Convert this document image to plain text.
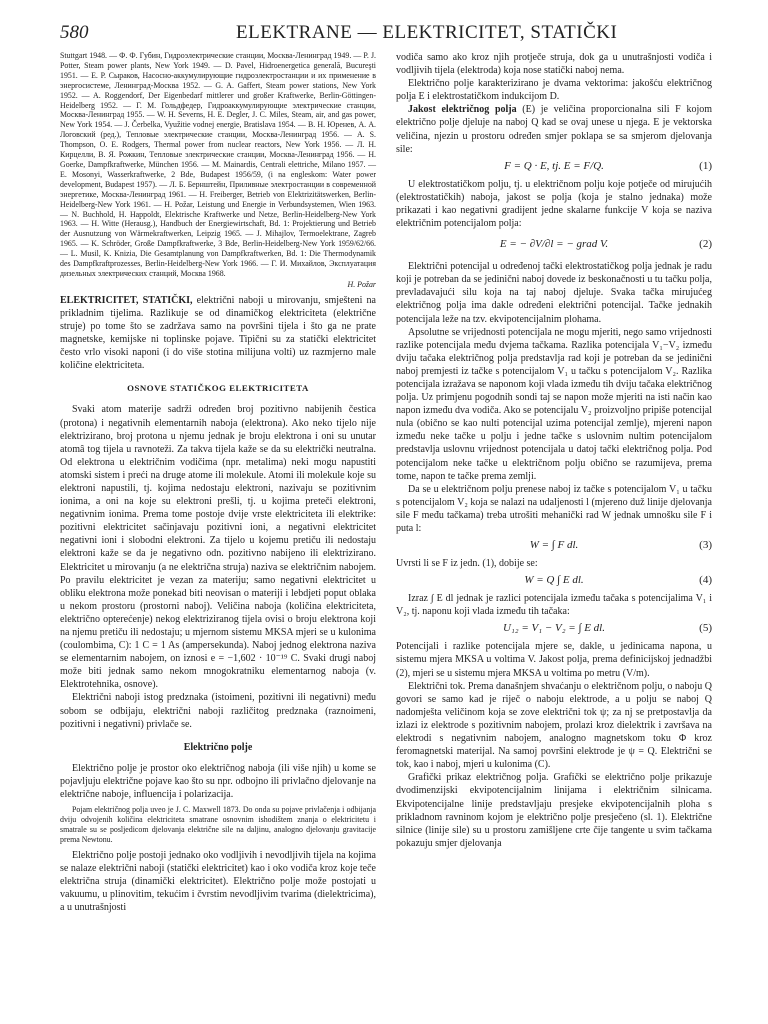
580	ELEKTRANE — ELEKTRICITET, STATIČKI

Stuttgart 1948. — Ф. Ф. Губин, Гидроэлектрические станции, Москва-Ленинград 1949. — P. J. Potter, Steam power plants, New York 1949. — D. Pavel, Hidroenergetica generală, Bucureşti 1951. — Е. Р. Сыраков, Насосно-аккумулирующие гидроэлектростанции и их применение в энергосистеме, Ленинград-Москва 1952. — G. A. Gaffert, Steam power stations, New York 1952. — A. Roggendorf, Der Eigenbedarf mittlerer und großer Kraftwerke, Berlin-Göttingen-Heidelberg 1952. — Г. М. Гольдфедер, Гидроаккумулирующие электрические станции, Москва-Ленинград 1955. — W. H. Severns, H. E. Degler, J. C. Miles, Steam, air, and gas power, New York 1954. — J. Čerbelka, Využitie vodnej energie, Bratislava 1954. — В. Н. Юренев, А. А. Логовский (ред.), Тепловые электрические станции, Москва-Ленинград 1956. — A. S. Thompson, O. E. Rodgers, Thermal power from nuclear reactors, New York 1956. — Л. Н. Кирцелли, В. Я. Рожкин, Тепловые электрические станции, Москва-Ленинград 1956. — H. Goerke, Dampfkraftwerke, München 1956. — M. Mainardis, Centrali elettriche, Milano 1957. — E. Mosonyi, Wasserkraftwerke, 2 Bde, Budapest 1956/59, (i na engleskom: Water power development, Budapest 1957). — Л. Б. Бернштейн, Приливные электростанции в современной энергетике, Москва-Ленинград 1961. — H. Freiberger, Betrieb von Elektrizitätswerken, Berlin-Heidelberg-New York 1961. — H. Požar, Leistung und Energie in Verbundsystemen, Wien 1963. — N. Buchhold, H. Happoldt, Elektrische Kraftwerke und Netze, Berlin-Heidelberg-New York 1963. — H. Witte (Herausg.), Handbuch der Energiewirtschaft, Bd. 1: Projektierung und Betrieb der Ausnutzung von Wärmekraftwerken, Leipzig 1965. — J. Mihajlov, Termoelektrane, Zagreb 1965. — K. Schröder, Große Dampfkraftwerke, 3 Bde, Berlin-Heidelberg-New York 1959/62/66. — L. Musil, K. Knizia, Die Gesamtplanung von Dampfkraftwerken, Bd. 1: Die Thermodynamik des Dampfkraftprozesses, Berlin-Heidelberg-New York 1966. — Г. И. Михайлов, Эксплуатация дизельных электрических станций, Москва 1968.

H. Požar

ELEKTRICITET, STATIČKI, električni naboji u mirovanju, smješteni na prikladnim tijelima. Razlikuje se od dinamičkog elektriciteta (električne struje) po tome što se zadržava samo na površini tijela i što ga ne prate magnetske, kemijske ni toplinske pojave. Tipični su za statički elektricitet često vrlo visoki naponi (i do više stotina milijuna volti) uz razmjerno male količine elektriciteta.

OSNOVE STATIČKOG ELEKTRICITETA

Svaki atom materije sadrži određen broj pozitivno nabijenih čestica (protona) i negativnih elementarnih naboja (elektrona). Ako neko tijelo nije elektrizirano, broj protona u njemu jednak je broju elektrona i oni su unutar atomâ tog tijela u ravnoteži. Za takva tijela kaže se da su električki neutralna. Od elektrona u električnim vodičima (npr. metalima) neki mogu napustiti atomski sistem i preći na druge atome ili molekule. Atomi ili molekule koje su elektroni napustili, tj. kojima nedostaju elektroni, nazivaju se pozitivnim ionima, a oni na koje su elektroni prešli, tj. u kojima preteči elektroni, negativnim ionima. Prema tome postoje dvije vrste elektriciteta ili elektrike: pozitivni elektricitet sačinjavaju pozitivni ioni, a negativni elektricitet negativni ioni i slobodni elektroni. Za tijelo u kojemu pretiču ili nedostaju elektroni kaže se da je negativno odn. pozitivno nabijeno ili elektrizirano. Elektricitet u mirovanju (a ne električna struja) naziva se električnim nabojem. Po pravilu elektricitet je vezan za materiju; samo negativni elektricitet u obliku elektrona može ponekad biti neovisan o materiji i lebdjeti poput oblaka u nekom prostoru (prostorni naboj). Veličina naboja (količina elektriciteta, električno opterećenje) nekog elektriziranog tijela ovisi o broju elektrona koji na njemu pretiču ili nedostaju; u mjernom sistemu MKSA mjeri se u kulonima (coulombima, C): 1 C = 1 As (ampersekunda). Naboj jednog elektrona naziva se elementarnim nabojem, on iznosi e = −1,602 · 10⁻¹⁹ C. Svaki drugi naboj može biti jednak samo nekom mnogokratniku elementarnog naboja (v. Elektrotehnika, osnove).

Električni naboji istog predznaka (istoimeni, pozitivni ili negativni) među sobom se odbijaju, električni naboji različitog predznaka (raznoimeni, pozitivni i negativni) privlače se.

Električno polje

Električno polje je prostor oko električnog naboja (ili više njih) u kome se pojavljuju električne pojave kao što su npr. odbojno ili privlačno djelovanje na električne naboje, influencija i polarizacija.

Pojam električnog polja uveo je J. C. Maxwell 1873. Do onda su pojave privlačenja i odbijanja dviju odvojenih količina elektriciteta smatrane osnovnim ishodištem znanja o elektricitetu i smatrale su se posljedicom djelovanja električne sile na daljinu, analogno djelovanju gravitacije prema Newtonu.

Električno polje postoji jednako oko vodljivih i nevodljivih tijela na kojima se nalaze električni naboji (statički elektricitet) kao i oko vodiča kroz koje teče električna struja (dinamički elektricitet). Električno polje može postojati u vakuumu, u plinovitim, tekućim i čvrstim nevodljivim tvarima (dielektricima), a u unutrašnjosti

vodiča samo ako kroz njih protječe struja, dok ga u unutrašnjosti vodiča i vodljivih tijela (elektroda) koja nose statički naboj nema.

Električno polje karakterizirano je dvama vektorima: jakošću električnog polja E i elektrostatičkom indukcijom D.

Jakost električnog polja (E) je veličina proporcionalna sili F kojom električno polje djeluje na naboj Q kad se ovaj unese u njega. E je vektorska veličina, njezin u prostoru određen smjer poklapa se sa smjerom djelovanja sile:

F = Q · E, tj. E = F/Q.	(1)

U elektrostatičkom polju, tj. u električnom polju koje potječe od mirujućih (elektrostatičkih) naboja, jakost se polja (koja je stalno jednaka) može prikazati i kao negativni gradijent jedne skalarne funkcije V koja se naziva električnim potencijalom polja:

E = − ∂V/∂l = − grad V.	(2)

Električni potencijal u određenoj tački elektrostatičkog polja jednak je radu koji je potreban da se jedinični naboj dovede iz beskonačnosti u tu tačku polja, prevladavajući silu koja na taj naboj djeluje. Svaka tačka mirujućeg električnog polja ima dakle određeni električni potencijal. Tačke jednakih potencijala leže na tzv. ekvipotencijalnim plohama.

Apsolutne se vrijednosti potencijala ne mogu mjeriti, nego samo vrijednosti razlike potencijala među dvjema tačkama. Razlika potencijala V₁−V₂ između dviju tačaka električnog polja predstavlja rad koji je potreban da se jedinični naboj premjesti iz tačke s potencijalom V₁ u tačku s potencijalom V₂. Razlika potencijala izražava se naponom koji vlada između tih dviju tačaka električnog polja. Uz primjenu pogodnih sondi taj se napon može mjeriti na isti način kao napon između dva vodiča. Ako se potencijalu V₂ proizvoljno pripiše potencijal nula (obično se kao nulti potencijal uzima potencijal zemlje), mjereni napon između neke tačke u polju i jedne tačke s uslovnim nultim potencijalom predstavlja uslovnu vrijednost potencijala u datoj tački električnog polja. Pod potencijalom neke tačke u električnom polju obično se razumijeva, prema tome, napon te tačke prema zemlji.

Da se u električnom polju prenese naboj iz tačke s potencijalom V₁ u tačku s potencijalom V₂ koja se nalazi na udaljenosti l (mjereno duž linije djelovanja sile F među tačkama) treba utrošiti mehanički rad W jednak umnošku sile F i puta l:

W = ∫ F dl.	(3)

Uvrsti li se F iz jedn. (1), dobije se:

W = Q ∫ E dl.	(4)

Izraz ∫ E dl jednak je razlici potencijala između tačaka s potencijalima V₁ i V₂, tj. naponu koji vlada između tih tačaka:

U₁₂ = V₁ − V₂ = ∫ E dl.	(5)

Potencijali i razlike potencijala mjere se, dakle, u jedinicama napona, u sistemu mjera MKSA u voltima V. Jakost polja, prema definicijskoj jednadžbi (2), mjeri se u sistemu mjera MKSA u voltima po metru (V/m).

Električni tok. Prema današnjem shvaćanju o električnom polju, o naboju Q govori se samo kad je riječ o naboju elektrode, a u polju se naboj Q nadomješta veličinom koja se zove električni tok ψ; za nj se pretpostavlja da izlazi iz elektrode s pozitivnim nabojem, prolazi kroz dielektrik i završava na elektrodi s negativnim nabojem, analogno magnetskom toku Φ kroz feromagnetski materijal. Na samoj površini elektrode je ψ = Q. Električni se tok, kao i naboj, mjeri u kulonima (C).

Grafički prikaz električnog polja. Grafički se električno polje prikazuje dvodimenzijski ekvipotencijalnim linijama i električnim silnicama. Ekvipotencijalne linije predstavljaju presjeke ekvipotencijalnih ploha s prikladnom ravninom kojom je električno polje presječeno (sl. 1). Električne silnice (linije sile) su u prostoru zamišljene crte čije tangente u svim tačkama pokazuju smjer djelovanja
